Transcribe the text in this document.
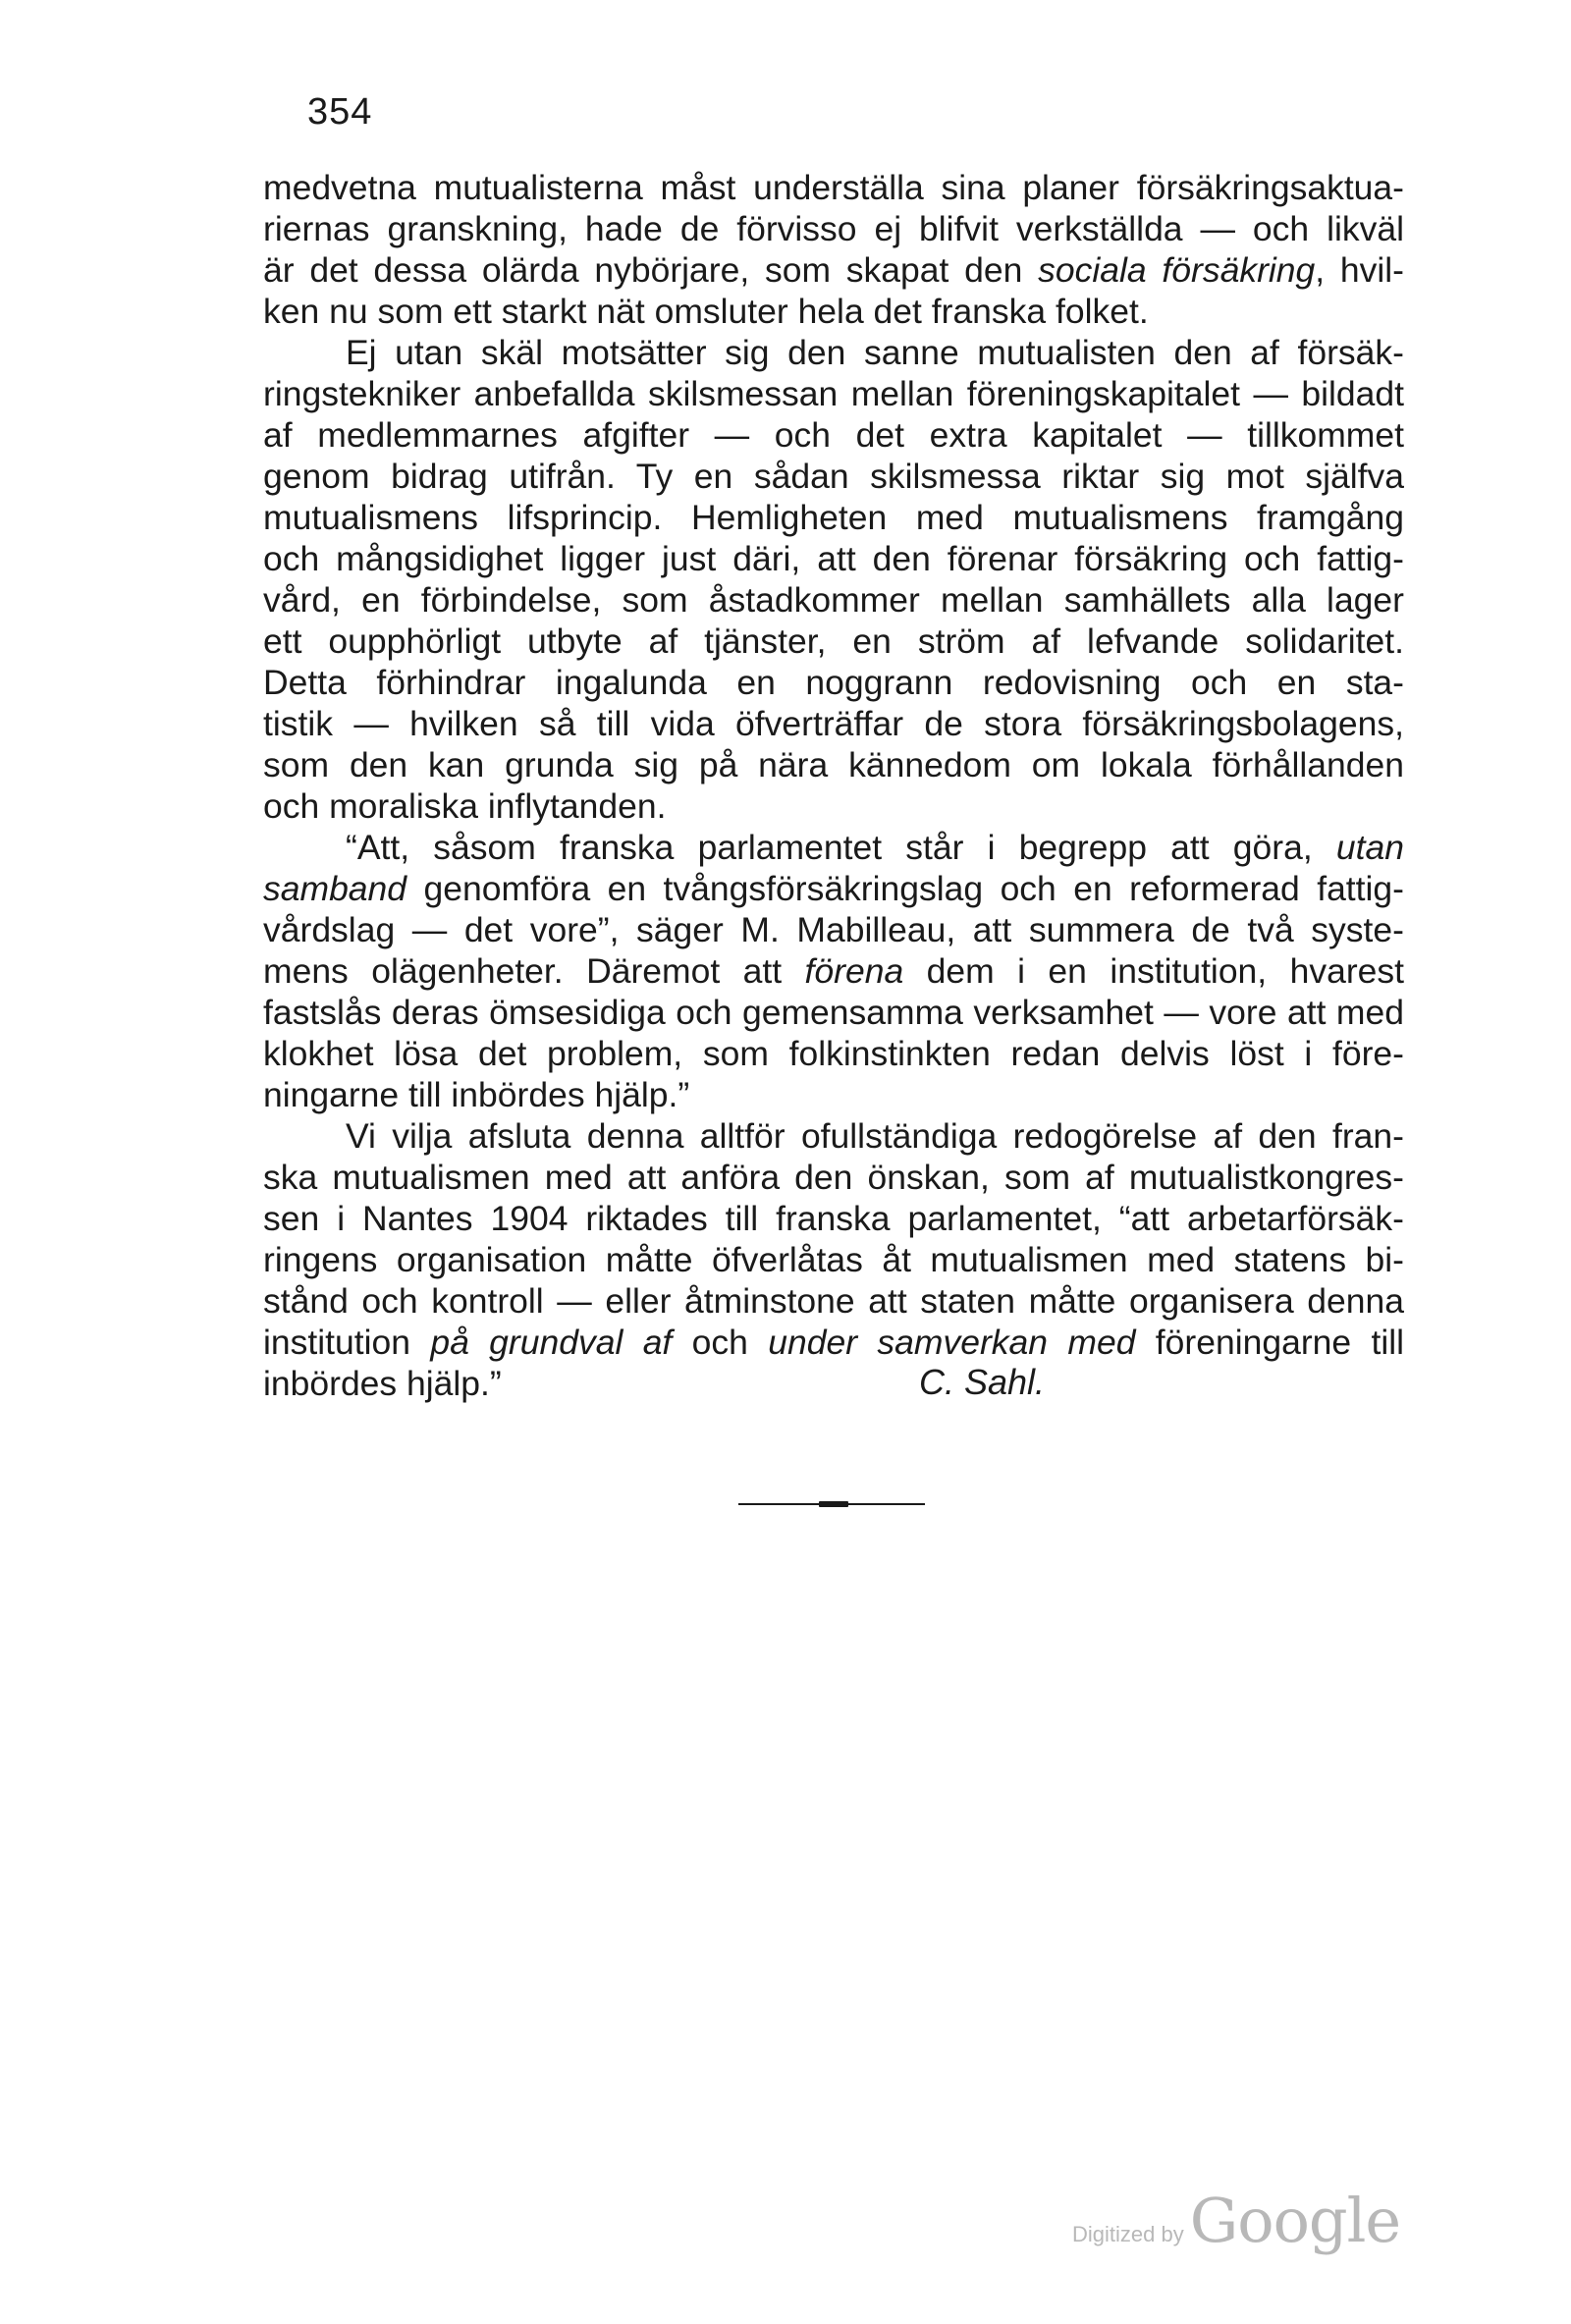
354
medvetna mutualisterna måst underställa sina planer försäkringsaktua-
riernas granskning, hade de förvisso ej blifvit verkställda — och likväl
är det dessa olärda nybörjare, som skapat den sociala försäkring, hvil-
ken nu som ett starkt nät omsluter hela det franska folket.
Ej utan skäl motsätter sig den sanne mutualisten den af försäk-
ringstekniker anbefallda skilsmessan mellan föreningskapitalet — bildadt
af medlemmarnes afgifter — och det extra kapitalet — tillkommet
genom bidrag utifrån. Ty en sådan skilsmessa riktar sig mot själfva
mutualismens lifsprincip. Hemligheten med mutualismens framgång
och mångsidighet ligger just däri, att den förenar försäkring och fattig-
vård, en förbindelse, som åstadkommer mellan samhällets alla lager
ett oupphörligt utbyte af tjänster, en ström af lefvande solidaritet.
Detta förhindrar ingalunda en noggrann redovisning och en sta-
tistik — hvilken så till vida öfverträffar de stora försäkringsbolagens,
som den kan grunda sig på nära kännedom om lokala förhållanden
och moraliska inflytanden.
“Att, såsom franska parlamentet står i begrepp att göra, utan
samband genomföra en tvångsförsäkringslag och en reformerad fattig-
vårdslag — det vore”, säger M. Mabilleau, att summera de två syste-
mens olägenheter. Däremot att förena dem i en institution, hvarest
fastslås deras ömsesidiga och gemensamma verksamhet — vore att med
klokhet lösa det problem, som folkinstinkten redan delvis löst i före-
ningarne till inbördes hjälp.”
Vi vilja afsluta denna alltför ofullständiga redogörelse af den fran-
ska mutualismen med att anföra den önskan, som af mutualistkongres-
sen i Nantes 1904 riktades till franska parlamentet, “att arbetarförsäk-
ringens organisation måtte öfverlåtas åt mutualismen med statens bi-
stånd och kontroll — eller åtminstone att staten måtte organisera denna
institution på grundval af och under samverkan med föreningarne till
inbördes hjälp.”	C. Sahl.
Digitized by Google
